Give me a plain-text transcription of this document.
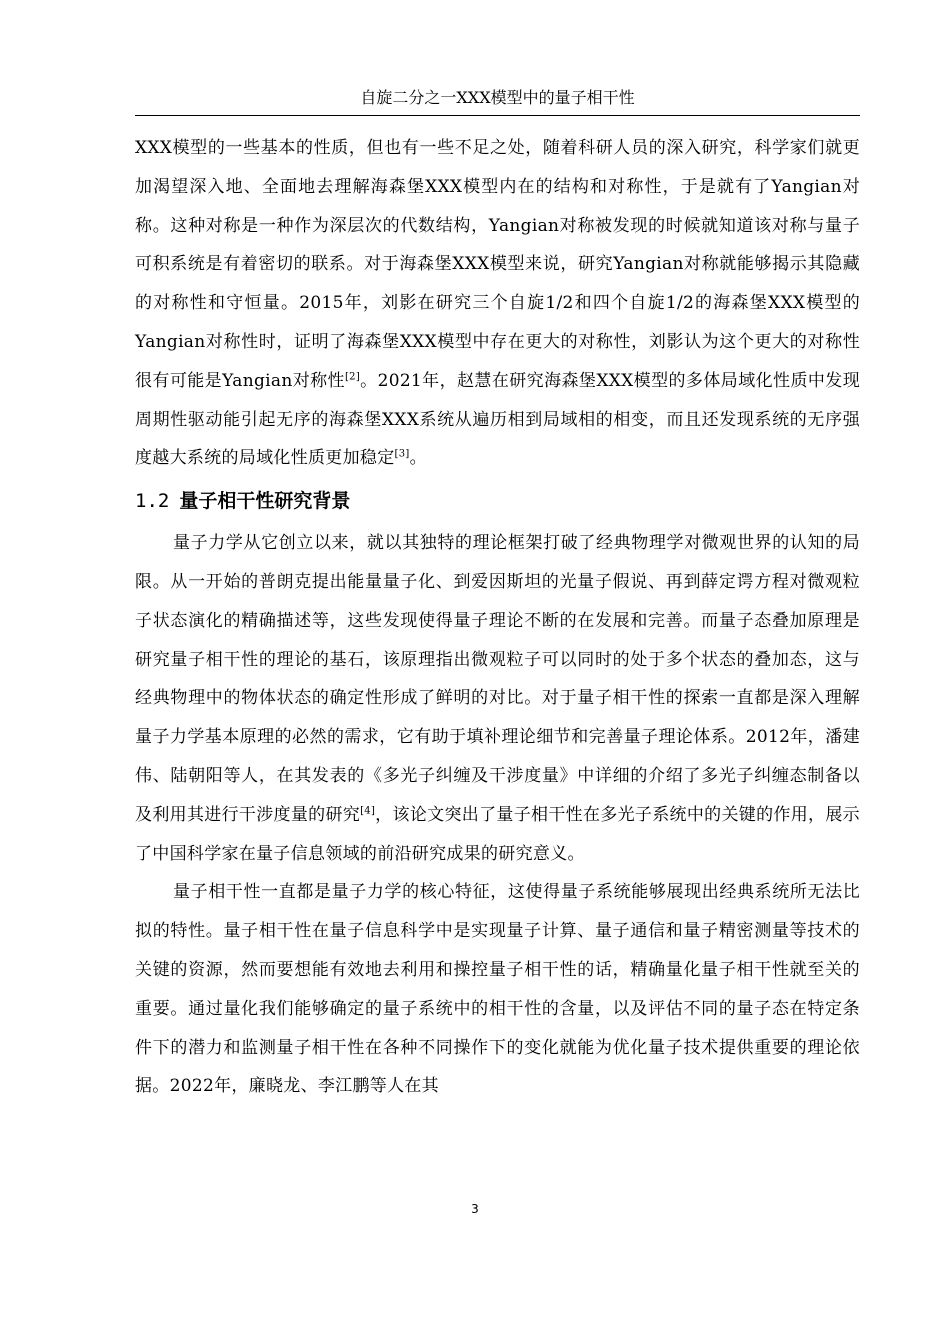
自旋二分之一XXX模型中的量子相干性

XXX模型的一些基本的性质，但也有一些不足之处，随着科研人员的深入研究，科学家们就更加渴望深入地、全面地去理解海森堡XXX模型内在的结构和对称性，于是就有了Yangian对称。这种对称是一种作为深层次的代数结构，Yangian对称被发现的时候就知道该对称与量子可积系统是有着密切的联系。对于海森堡XXX模型来说，研究Yangian对称就能够揭示其隐藏的对称性和守恒量。2015年，刘影在研究三个自旋1/2和四个自旋1/2的海森堡XXX模型的Yangian对称性时，证明了海森堡XXX模型中存在更大的对称性，刘影认为这个更大的对称性很有可能是Yangian对称性[2]。2021年，赵慧在研究海森堡XXX模型的多体局域化性质中发现周期性驱动能引起无序的海森堡XXX系统从遍历相到局域相的相变，而且还发现系统的无序强度越大系统的局域化性质更加稳定[3]。

1.2 量子相干性研究背景

量子力学从它创立以来，就以其独特的理论框架打破了经典物理学对微观世界的认知的局限。从一开始的普朗克提出能量量子化、到爱因斯坦的光量子假说、再到薛定谔方程对微观粒子状态演化的精确描述等，这些发现使得量子理论不断的在发展和完善。而量子态叠加原理是研究量子相干性的理论的基石，该原理指出微观粒子可以同时的处于多个状态的叠加态，这与经典物理中的物体状态的确定性形成了鲜明的对比。对于量子相干性的探索一直都是深入理解量子力学基本原理的必然的需求，它有助于填补理论细节和完善量子理论体系。2012年，潘建伟、陆朝阳等人，在其发表的《多光子纠缠及干涉度量》中详细的介绍了多光子纠缠态制备以及利用其进行干涉度量的研究[4]，该论文突出了量子相干性在多光子系统中的关键的作用，展示了中国科学家在量子信息领域的前沿研究成果的研究意义。

量子相干性一直都是量子力学的核心特征，这使得量子系统能够展现出经典系统所无法比拟的特性。量子相干性在量子信息科学中是实现量子计算、量子通信和量子精密测量等技术的关键的资源，然而要想能有效地去利用和操控量子相干性的话，精确量化量子相干性就至关的重要。通过量化我们能够确定的量子系统中的相干性的含量，以及评估不同的量子态在特定条件下的潜力和监测量子相干性在各种不同操作下的变化就能为优化量子技术提供重要的理论依据。2022年，廉晓龙、李江鹏等人在其

3
